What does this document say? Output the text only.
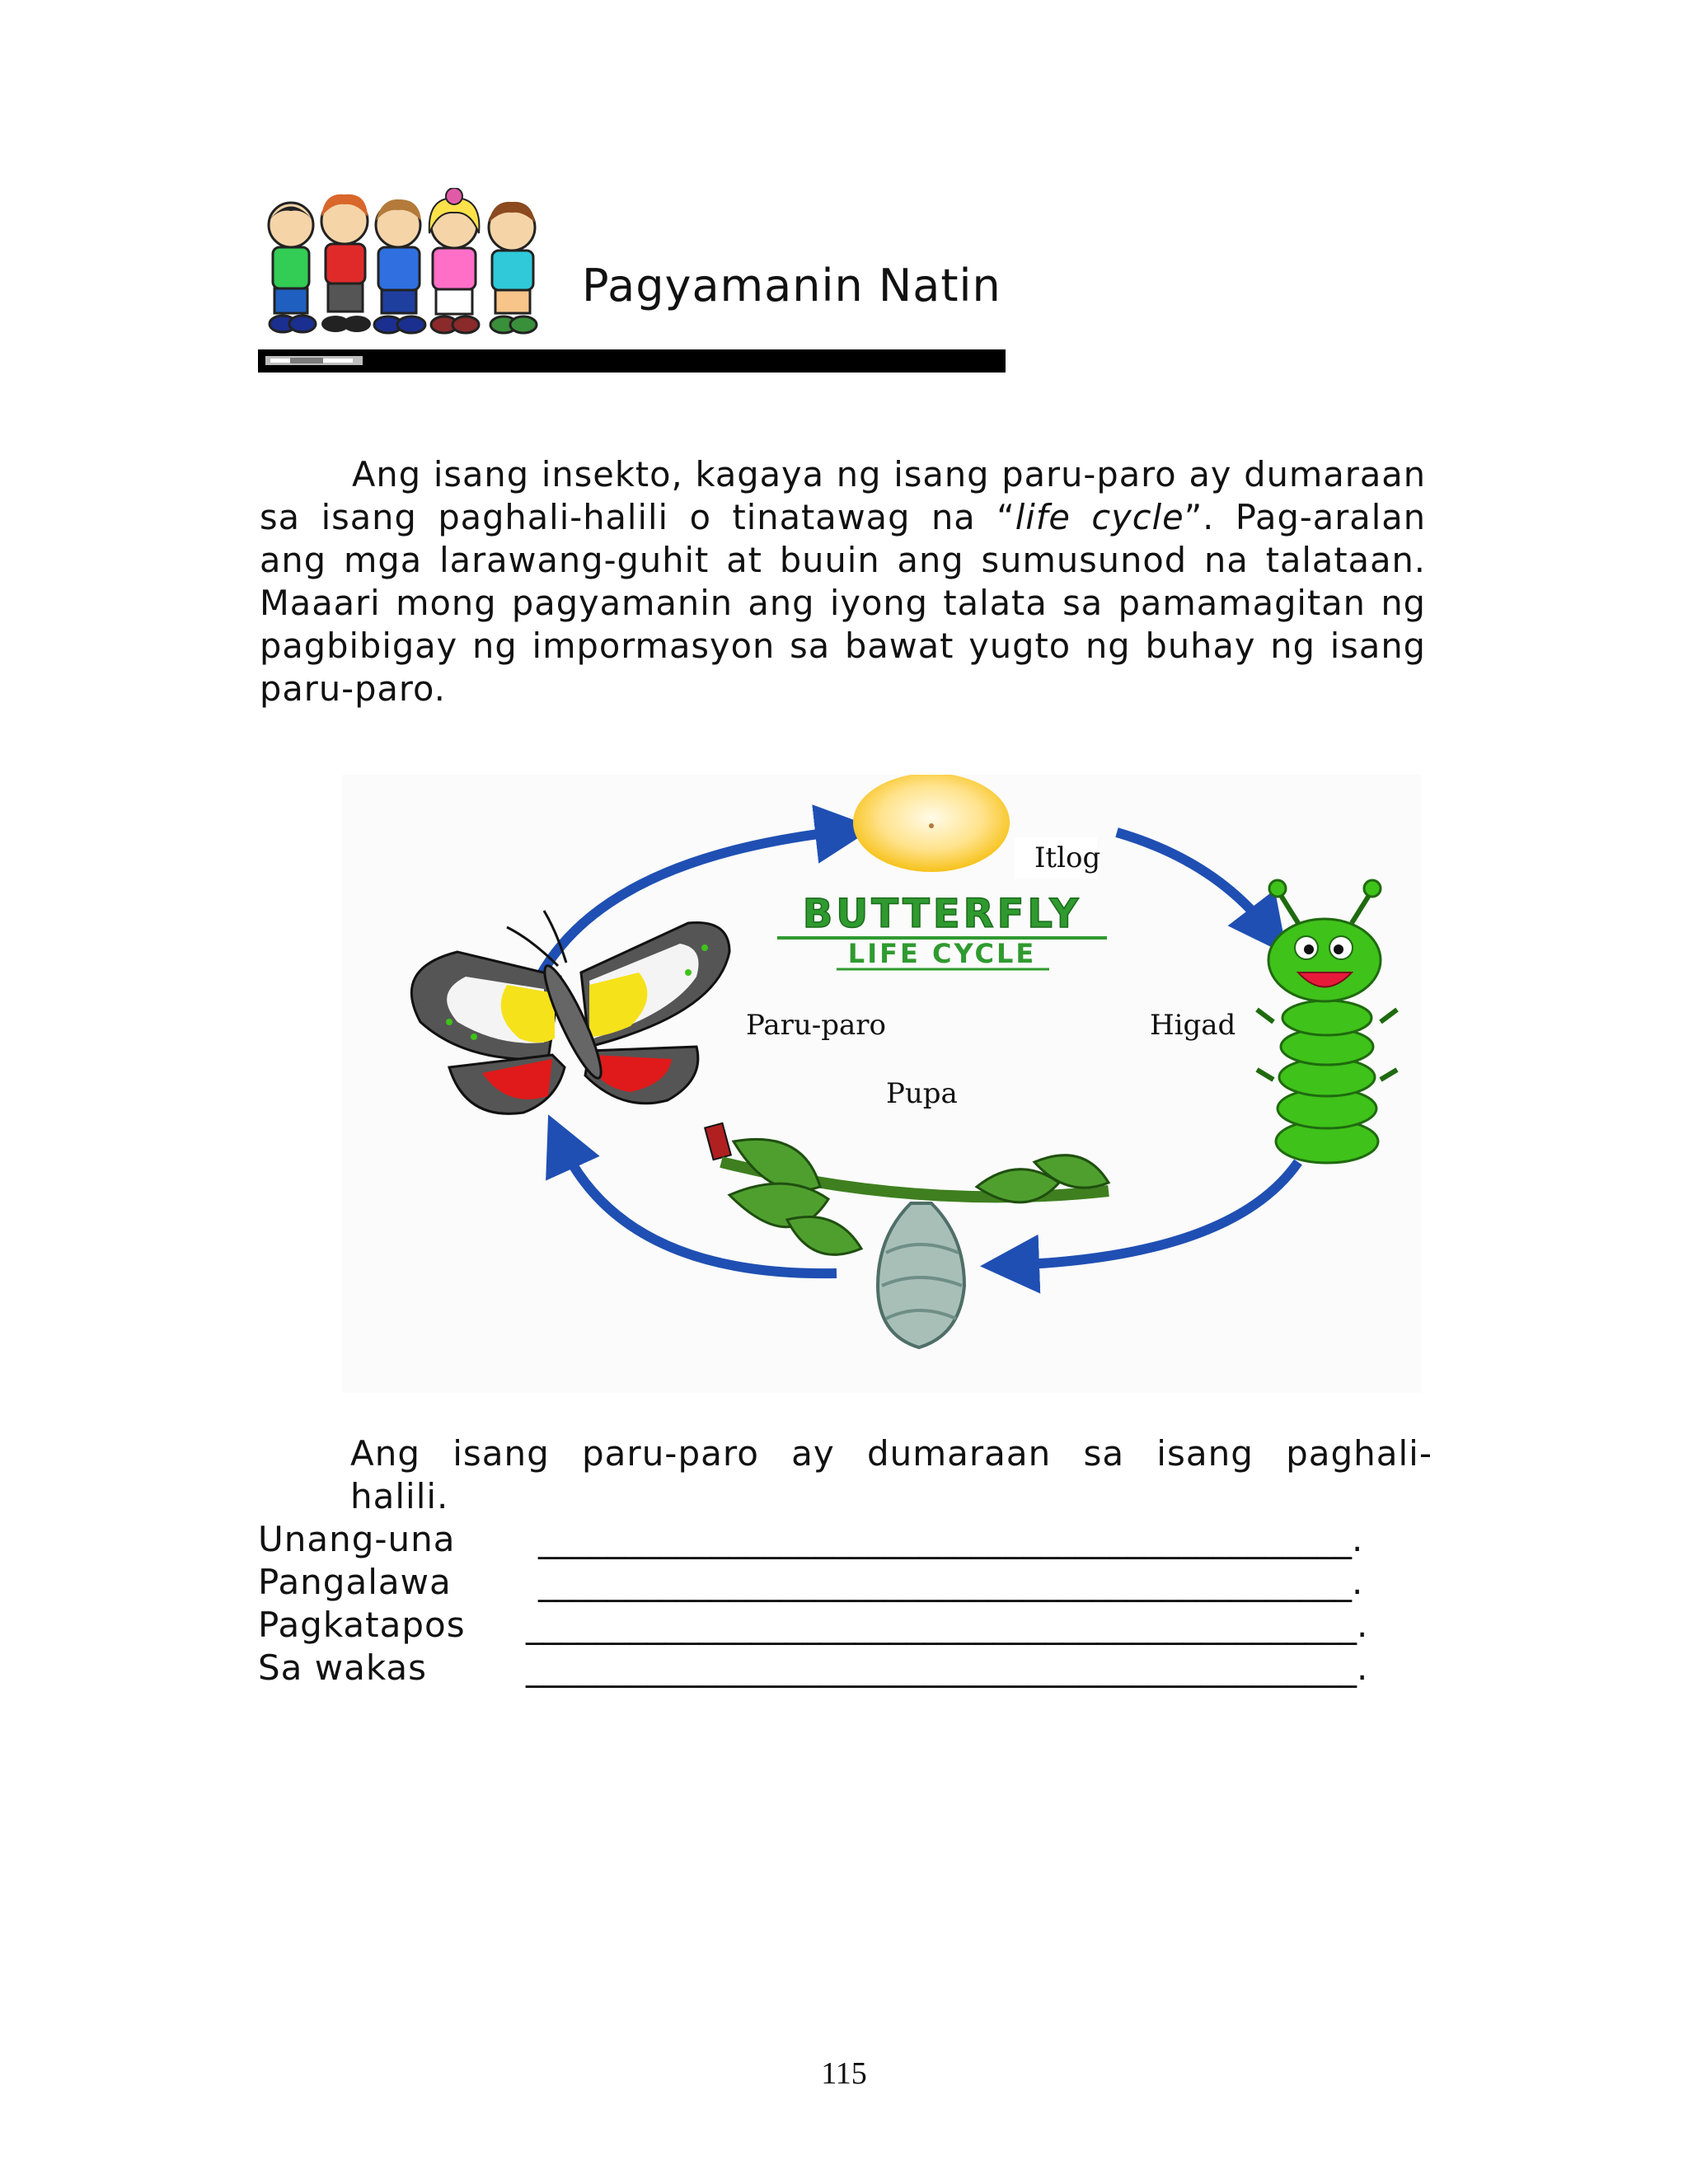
Pagyamanin Natin

Ang isang insekto, kagaya ng isang paru-paro ay dumaraan sa isang paghali-halili o tinatawag na “life cycle”. Pag-aralan ang mga larawang-guhit at buuin ang sumusunod na talataan. Maaari mong pagyamanin ang iyong talata sa pamamagitan ng pagbibigay ng impormasyon sa bawat yugto ng buhay ng isang paru-paro.

BUTTERFLY
LIFE CYCLE
Itlog
Higad
Paru-paro
Pupa

Ang isang paru-paro ay dumaraan sa isang paghali-halili.

Unang-una	_______________________________________________.
Pangalawa	_______________________________________________.
Pagkatapos	________________________________________________.
Sa wakas	________________________________________________.
115
